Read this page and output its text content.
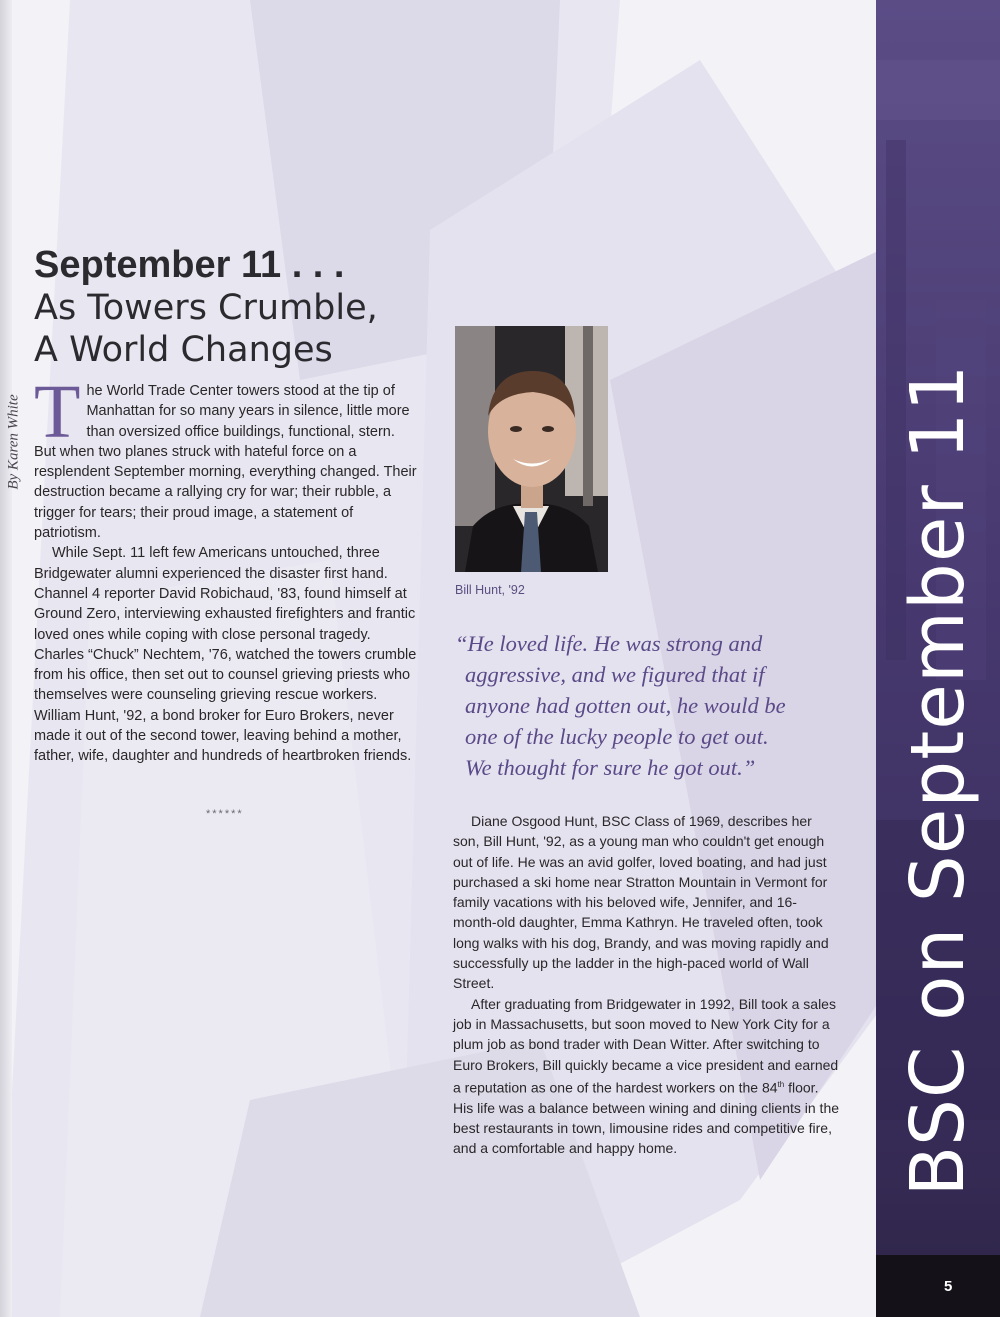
BSC on September 11
5
September 11 . . .
As Towers Crumble,
A World Changes
By Karen White The World Trade Center towers stood at the tip of Manhattan for so many years in silence, little more than oversized office buildings, functional, stern. But when two planes struck with hateful force on a resplendent September morning, everything changed. Their destruction became a rallying cry for war; their rubble, a trigger for tears; their proud image, a statement of patriotism.

While Sept. 11 left few Americans untouched, three Bridgewater alumni experienced the disaster first hand. Channel 4 reporter David Robichaud, '83, found himself at Ground Zero, interviewing exhausted firefighters and frantic loved ones while coping with close personal tragedy. Charles “Chuck” Nechtem, '76, watched the towers crumble from his office, then set out to counsel grieving priests who themselves were counseling grieving rescue workers. William Hunt, '92, a bond broker for Euro Brokers, never made it out of the second tower, leaving behind a mother, father, wife, daughter and hundreds of heartbroken friends.

******
Bill Hunt, '92
“He loved life. He was strong and
aggressive, and we figured that if
anyone had gotten out, he would be
one of the lucky people to get out.
We thought for sure he got out.”

Diane Osgood Hunt, BSC Class of 1969, describes her son, Bill Hunt, '92, as a young man who couldn't get enough out of life. He was an avid golfer, loved boating, and had just purchased a ski home near Stratton Mountain in Vermont for family vacations with his beloved wife, Jennifer, and 16-month-old daughter, Emma Kathryn. He traveled often, took long walks with his dog, Brandy, and was moving rapidly and successfully up the ladder in the high-paced world of Wall Street.

After graduating from Bridgewater in 1992, Bill took a sales job in Massachusetts, but soon moved to New York City for a plum job as bond trader with Dean Witter. After switching to Euro Brokers, Bill quickly became a vice president and earned a reputation as one of the hardest workers on the 84th floor. His life was a balance between wining and dining clients in the best restaurants in town, limousine rides and competitive fire, and a comfortable and happy home.
